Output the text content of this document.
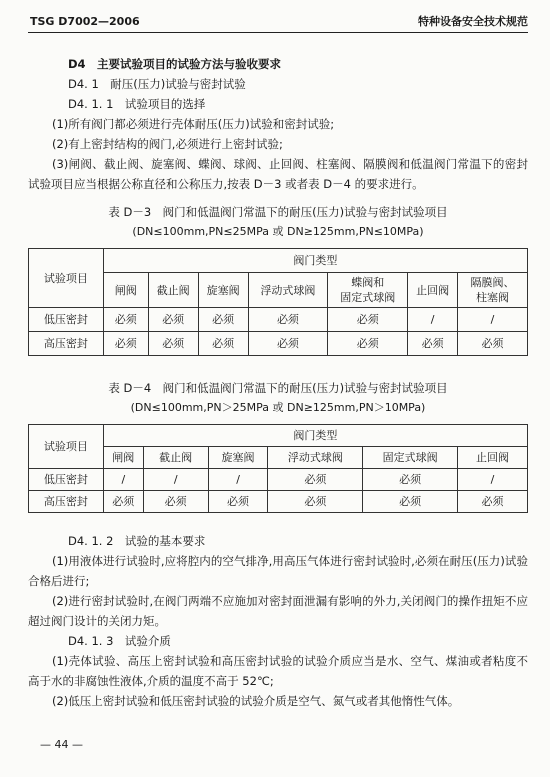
TSG D7002—2006	特种设备安全技术规范

D4　主要试验项目的试验方法与验收要求

D4. 1　耐压(压力)试验与密封试验

D4. 1. 1　试验项目的选择

(1)所有阀门都必须进行壳体耐压(压力)试验和密封试验;

(2)有上密封结构的阀门,必须进行上密封试验;

(3)闸阀、截止阀、旋塞阀、蝶阀、球阀、止回阀、柱塞阀、隔膜阀和低温阀门常温下的密封试验项目应当根据公称直径和公称压力,按表 D－3 或者表 D－4 的要求进行。

表 D－3　阀门和低温阀门常温下的耐压(压力)试验与密封试验项目

(DN≤100mm,PN≤25MPa 或 DN≥125mm,PN≤10MPa)

试验项目	阀门类型						
	闸阀	截止阀	旋塞阀	浮动式球阀	蝶阀和
固定式球阀	止回阀	隔膜阀、
柱塞阀
低压密封	必须	必须	必须	必须	必须	/	/
高压密封	必须	必须	必须	必须	必须	必须	必须

表 D－4　阀门和低温阀门常温下的耐压(压力)试验与密封试验项目

(DN≤100mm,PN＞25MPa 或 DN≥125mm,PN＞10MPa)

试验项目	阀门类型					
	闸阀	截止阀	旋塞阀	浮动式球阀	固定式球阀	止回阀
低压密封	/	/	/	必须	必须	/
高压密封	必须	必须	必须	必须	必须	必须

D4. 1. 2　试验的基本要求

(1)用液体进行试验时,应将腔内的空气排净,用高压气体进行密封试验时,必须在耐压(压力)试验合格后进行;

(2)进行密封试验时,在阀门两端不应施加对密封面泄漏有影响的外力,关闭阀门的操作扭矩不应超过阀门设计的关闭力矩。

D4. 1. 3　试验介质

(1)壳体试验、高压上密封试验和高压密封试验的试验介质应当是水、空气、煤油或者粘度不高于水的非腐蚀性液体,介质的温度不高于 52℃;

(2)低压上密封试验和低压密封试验的试验介质是空气、氮气或者其他惰性气体。

— 44 —
